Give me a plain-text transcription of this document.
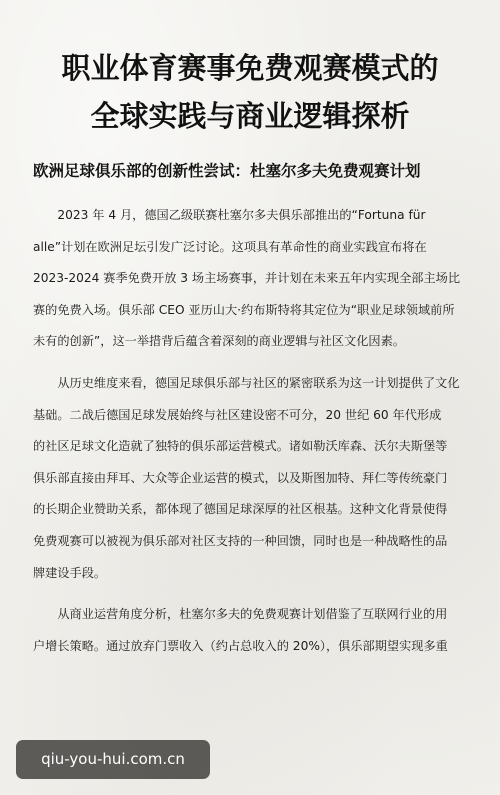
职业体育赛事免费观赛模式的
全球实践与商业逻辑探析
欧洲足球俱乐部的创新性尝试：杜塞尔多夫免费观赛计划
　　2023 年 4 月，德国乙级联赛杜塞尔多夫俱乐部推出的“Fortuna für
alle”计划在欧洲足坛引发广泛讨论。这项具有革命性的商业实践宣布将在
2023-2024 赛季免费开放 3 场主场赛事，并计划在未来五年内实现全部主场比
赛的免费入场。俱乐部 CEO 亚历山大·约布斯特将其定位为“职业足球领域前所
未有的创新”，这一举措背后蕴含着深刻的商业逻辑与社区文化因素。
　　从历史维度来看，德国足球俱乐部与社区的紧密联系为这一计划提供了文化
基础。二战后德国足球发展始终与社区建设密不可分，20 世纪 60 年代形成
的社区足球文化造就了独特的俱乐部运营模式。诸如勒沃库森、沃尔夫斯堡等
俱乐部直接由拜耳、大众等企业运营的模式，以及斯图加特、拜仁等传统豪门
的长期企业赞助关系，都体现了德国足球深厚的社区根基。这种文化背景使得
免费观赛可以被视为俱乐部对社区支持的一种回馈，同时也是一种战略性的品
牌建设手段。
　　从商业运营角度分析，杜塞尔多夫的免费观赛计划借鉴了互联网行业的用
户增长策略。通过放弃门票收入（约占总收入的 20%），俱乐部期望实现多重
qiu-you-hui.com.cn
